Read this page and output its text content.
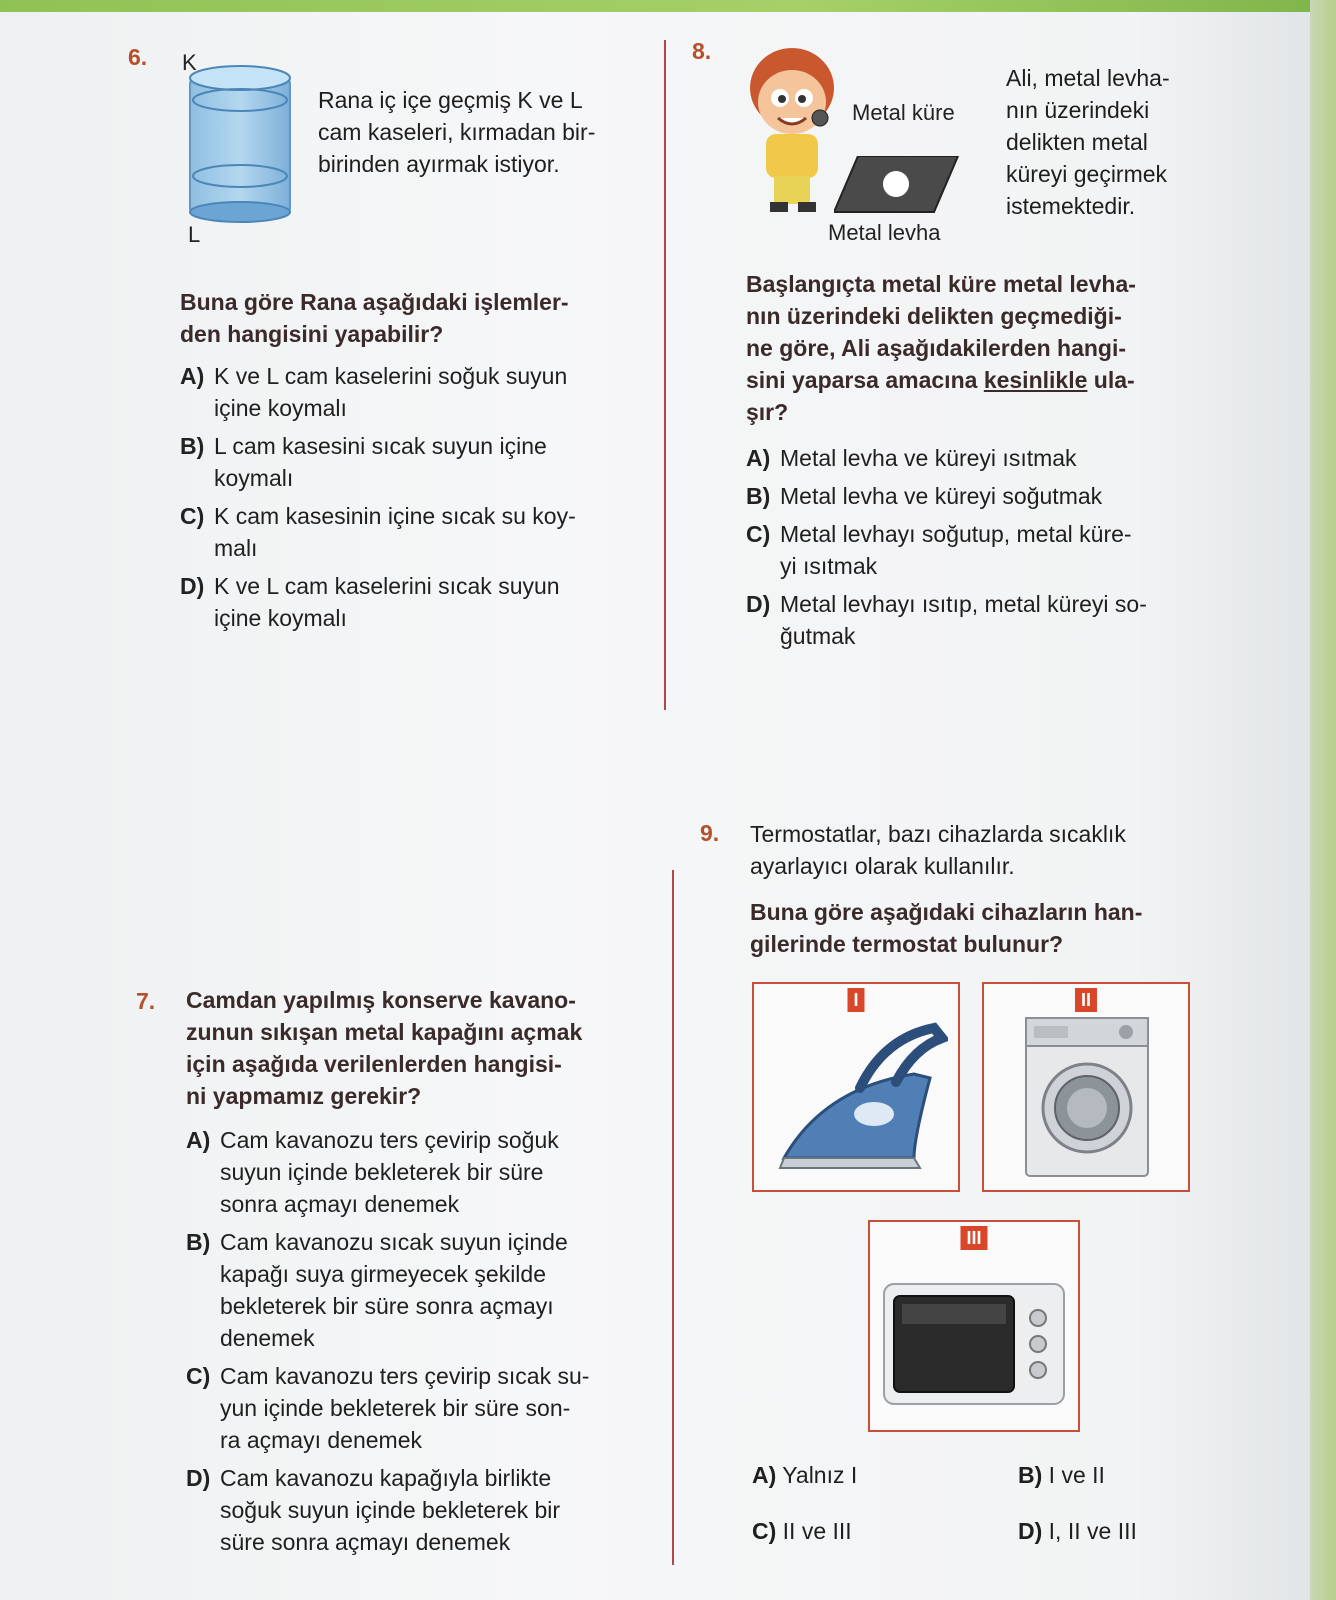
6. K
L
Rana iç içe geçmiş K ve L
cam kaseleri, kırmadan bir-
birinden ayırmak istiyor.
Buna göre Rana aşağıdaki işlemler-
den hangisini yapabilir?
A) K ve L cam kaselerini soğuk suyun
içine koymalı
B) L cam kasesini sıcak suyun içine
koymalı
C) K cam kasesinin içine sıcak su koy-
malı
D) K ve L cam kaselerini sıcak suyun
içine koymalı
7. Camdan yapılmış konserve kavano-
zunun sıkışan metal kapağını açmak
için aşağıda verilenlerden hangisi-
ni yapmamız gerekir?
A) Cam kavanozu ters çevirip soğuk
suyun içinde bekleterek bir süre
sonra açmayı denemek
B) Cam kavanozu sıcak suyun içinde
kapağı suya girmeyecek şekilde
bekleterek bir süre sonra açmayı
denemek
C) Cam kavanozu ters çevirip sıcak su-
yun içinde bekleterek bir süre son-
ra açmayı denemek
D) Cam kavanozu kapağıyla birlikte
soğuk suyun içinde bekleterek bir
süre sonra açmayı denemek
8.
Metal küre
Metal levha
Ali, metal levha-
nın üzerindeki
delikten metal
küreyi geçirmek
istemektedir.
Başlangıçta metal küre metal levha-
nın üzerindeki delikten geçmediği-
ne göre, Ali aşağıdakilerden hangi-
sini yaparsa amacına kesinlikle ula-
şır?
A) Metal levha ve küreyi ısıtmak
B) Metal levha ve küreyi soğutmak
C) Metal levhayı soğutup, metal küre-
yi ısıtmak
D) Metal levhayı ısıtıp, metal küreyi so-
ğutmak
9. Termostatlar, bazı cihazlarda sıcaklık
ayarlayıcı olarak kullanılır.
Buna göre aşağıdaki cihazların han-
gilerinde termostat bulunur?
I	II
III
A) Yalnız I	B) I ve II
C) II ve III	D) I, II ve III
